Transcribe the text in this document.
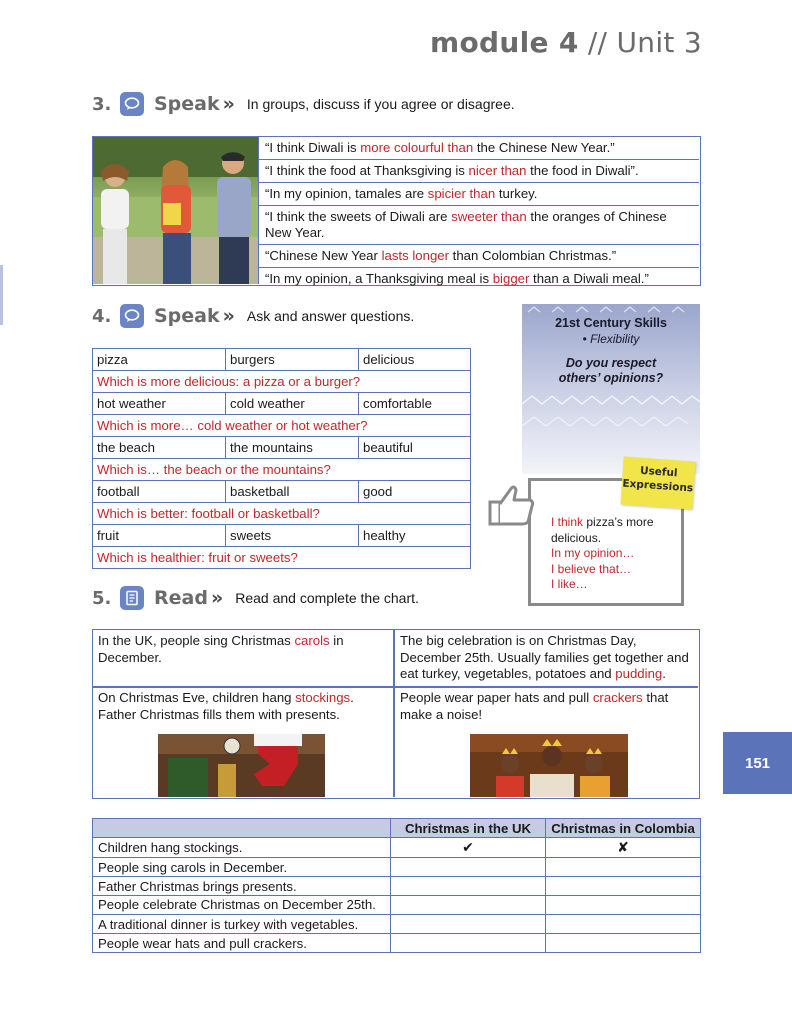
module 4 // Unit 3
3.	Speak » In groups, discuss if you agree or disagree.
“I think Diwali is more colourful than the Chinese New Year.”
“I think the food at Thanksgiving is nicer than the food in Diwali”.
“In my opinion, tamales are spicier than turkey.
“I think the sweets of Diwali are sweeter than the oranges of Chinese New Year.
“Chinese New Year lasts longer than Colombian Christmas.”
“In my opinion, a Thanksgiving meal is bigger than a Diwali meal.”
4.	Speak » Ask and answer questions.
pizza	burgers	delicious
Which is more delicious: a pizza or a burger?		
hot weather	cold weather	comfortable
Which is more… cold weather or hot weather?		
the beach	the mountains	beautiful
Which is… the beach or the mountains?		
football	basketball	good
Which is better: football or basketball?		
fruit	sweets	healthy
Which is healthier: fruit or sweets?		
21st Century Skills
• Flexibility
Do you respect others’ opinions?
I think pizza’s more delicious.
In my opinion…
I believe that…
I like…
Useful
Expressions
5.	Read » Read and complete the chart.
In the UK, people sing Christmas carols in December.
The big celebration is on Christmas Day, December 25th. Usually families get together and eat turkey, vegetables, potatoes and pudding.
On Christmas Eve, children hang stockings. Father Christmas fills them with presents.
People wear paper hats and pull crackers that make a noise!
	Christmas in the UK	Christmas in Colombia
Children hang stockings.	✔	✘
People sing carols in December.		
Father Christmas brings presents.		
People celebrate Christmas on December 25th.		
A traditional dinner is turkey with vegetables.		
People wear hats and pull crackers.		
151
